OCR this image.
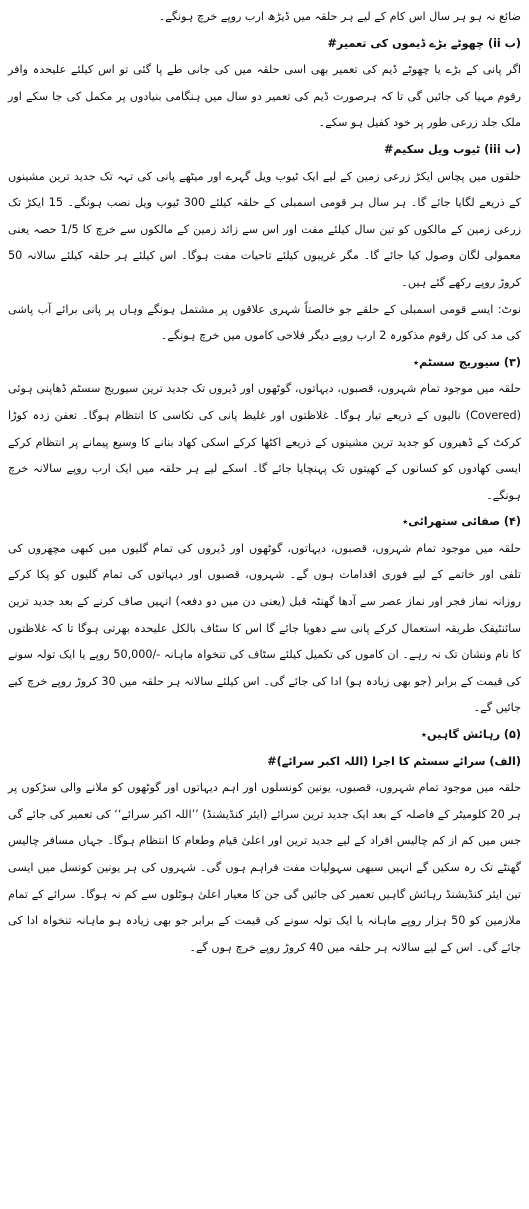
ضائع نہ ہو ہر سال اس کام کے لیے ہر حلقہ میں ڈیڑھ ارب روپے خرچ ہونگے۔

(ب ii) چھوٹے بڑے ڈیموں کی تعمیر#

اگر پانی کے بڑے یا چھوٹے ڈیم کی تعمیر بھی اسی حلقہ میں کی جانی طے پا گئی تو اس کیلئے علیحدہ وافر رقوم مہیا کی جائیں گی تا کہ ہرصورت ڈیم کی تعمیر دو سال میں ہنگامی بنیادوں پر مکمل کی جا سکے اور ملک جلد زرعی طور پر خود کفیل ہو سکے۔

(ب iii) ٹیوب ویل سکیم#

حلقوں میں پچاس ایکڑ زرعی زمین کے لیے ایک ٹیوب ویل گہرے اور میٹھے پانی کی تہہ تک جدید ترین مشینوں کے ذریعے لگایا جائے گا۔ ہر سال ہر قومی اسمبلی کے حلقہ کیلئے 300 ٹیوب ویل نصب ہونگے۔ 15 ایکڑ تک زرعی زمین کے مالکوں کو تین سال کیلئے مفت اور اس سے زائد زمین کے مالکوں سے خرچ کا 1/5 حصہ یعنی معمولی لگان وصول کیا جائے گا۔ مگر غریبوں کیلئے تاحیات مفت ہوگا۔ اس کیلئے ہر حلقہ کیلئے سالانہ 50 کروڑ روپے رکھے گئے ہیں۔

نوٹ: ایسے قومی اسمبلی کے حلقے جو خالصتاً شہری علاقوں پر مشتمل ہونگے وہاں پر پانی برائے آب پاشی کی مد کی کل رقوم مذکورہ 2 ارب روپے دیگر فلاحی کاموں میں خرچ ہونگے۔

(۳) سیوریج سسٹم٭

حلقہ میں موجود تمام شہروں، قصبوں، دیہاتوں، گوٹھوں اور ڈیروں تک جدید ترین سیوریج سسٹم ڈھاپنی ہوئی (Covered) نالیوں کے ذریعے تیار ہوگا۔ غلاظتوں اور غلیظ پانی کی نکاسی کا انتظام ہوگا۔ تعفن زدہ کوڑا کرکٹ کے ڈھیروں کو جدید ترین مشینوں کے ذریعے اکٹھا کرکے اسکی کھاد بنانے کا وسیع پیمانے پر انتظام کرکے ایسی کھادوں کو کسانوں کے کھیتوں تک پہنچایا جائے گا۔ اسکے لیے ہر حلقہ میں ایک ارب روپے سالانہ خرچ ہونگے۔

(۴) صفائی ستھرائی٭

حلقہ میں موجود تمام شہروں، قصبوں، دیہاتوں، گوٹھوں اور ڈیروں کی تمام گلیوں میں کبھی مچھروں کی تلفی اور خاتمے کے لیے فوری اقدامات ہوں گے۔ شہروں، قصبوں اور دیہاتوں کی تمام گلیوں کو پکا کرکے روزانہ نماز فجر اور نماز عصر سے آدھا گھنٹہ قبل (یعنی دن میں دو دفعہ) انہیں صاف کرنے کے بعد جدید ترین سائنٹیفک طریقہ استعمال کرکے پانی سے دھویا جائے گا اس کا سٹاف بالکل علیحدہ بھرتی ہوگا تا کہ غلاظتوں کا نام ونشان تک نہ رہے۔ ان کاموں کی تکمیل کیلئے سٹاف کی تنخواہ ماہانہ -/50,000 روپے یا ایک تولہ سونے کی قیمت کے برابر (جو بھی زیادہ ہو) ادا کی جائے گی۔ اس کیلئے سالانہ ہر حلقہ میں 30 کروڑ روپے خرچ کیے جائیں گے۔

(۵) رہائش گاہیں٭

(الف) سرائے سسٹم کا اجرا (اللہ اکبر سرائے)#

حلقہ میں موجود تمام شہروں، قصبوں، یونین کونسلوں اور اہم دیہاتوں اور گوٹھوں کو ملانے والی سڑکوں پر ہر 20 کلومیٹر کے فاصلہ کے بعد ایک جدید ترین سرائے (ایئر کنڈیشنڈ) ’’اللہ اکبر سرائے‘‘ کی تعمیر کی جائے گی جس میں کم از کم چالیس افراد کے لیے جدید ترین اور اعلیٰ قیام وطعام کا انتظام ہوگا۔ جہاں مسافر چالیس گھنٹے تک رہ سکیں گے انہیں سبھی سہولیات مفت فراہم ہوں گی۔ شہروں کی ہر یونین کونسل میں ایسی تین ایئر کنڈیشنڈ رہائش گاہیں تعمیر کی جائیں گی جن کا معیار اعلیٰ ہوٹلوں سے کم نہ ہوگا۔ سرائے کے تمام ملازمین کو 50 ہزار روپے ماہانہ یا ایک تولہ سونے کی قیمت کے برابر جو بھی زیادہ ہو ماہانہ تنخواہ ادا کی جائے گی۔ اس کے لیے سالانہ ہر حلقہ میں 40 کروڑ روپے خرچ ہوں گے۔
